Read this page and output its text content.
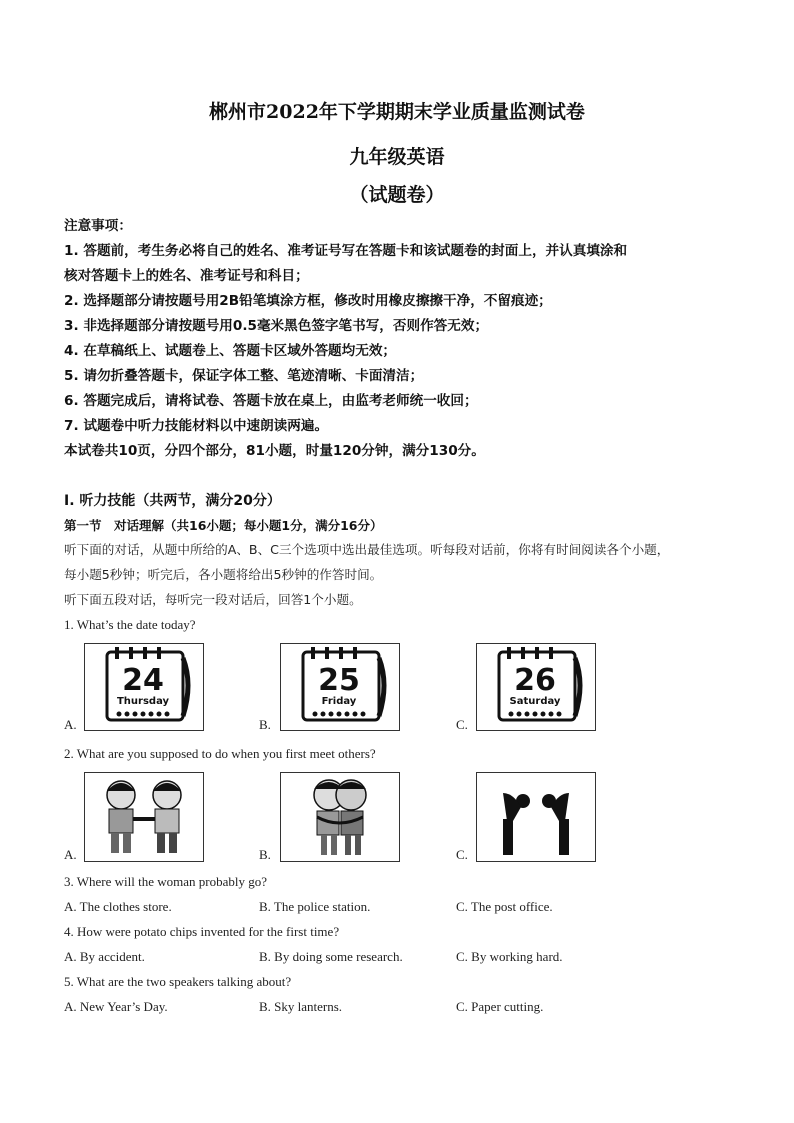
郴州市2022年下学期期末学业质量监测试卷
九年级英语
（试题卷）
注意事项：
1. 答题前，考生务必将自己的姓名、准考证号写在答题卡和该试题卷的封面上，并认真填涂和
核对答题卡上的姓名、准考证号和科目；
2. 选择题部分请按题号用2B铅笔填涂方框，修改时用橡皮擦擦干净，不留痕迹；
3. 非选择题部分请按题号用0.5毫米黑色签字笔书写，否则作答无效；
4. 在草稿纸上、试题卷上、答题卡区域外答题均无效；
5. 请勿折叠答题卡，保证字体工整、笔迹清晰、卡面清洁；
6. 答题完成后，请将试卷、答题卡放在桌上，由监考老师统一收回；
7. 试题卷中听力技能材料以中速朗读两遍。
本试卷共10页，分四个部分，81小题，时量120分钟，满分130分。
Ⅰ. 听力技能（共两节，满分20分）
第一节　对话理解（共16小题；每小题1分，满分16分）
听下面的对话，从题中所给的A、B、C三个选项中选出最佳选项。听每段对话前，你将有时间阅读各个小题，
每小题5秒钟；听完后，各小题将给出5秒钟的作答时间。
听下面五段对话，每听完一段对话后，回答1个小题。
1. What’s the date today?
A.
24
Thursday
B.
25
Friday
C.
26
Saturday
2. What are you supposed to do when you first meet others?
A.	B.	C.
3. Where will the woman probably go?
A. The clothes store.	B. The police station.	C. The post office.
4. How were potato chips invented for the first time?
A. By accident.	B. By doing some research.	C. By working hard.
5. What are the two speakers talking about?
A. New Year’s Day.	B. Sky lanterns.	C. Paper cutting.
